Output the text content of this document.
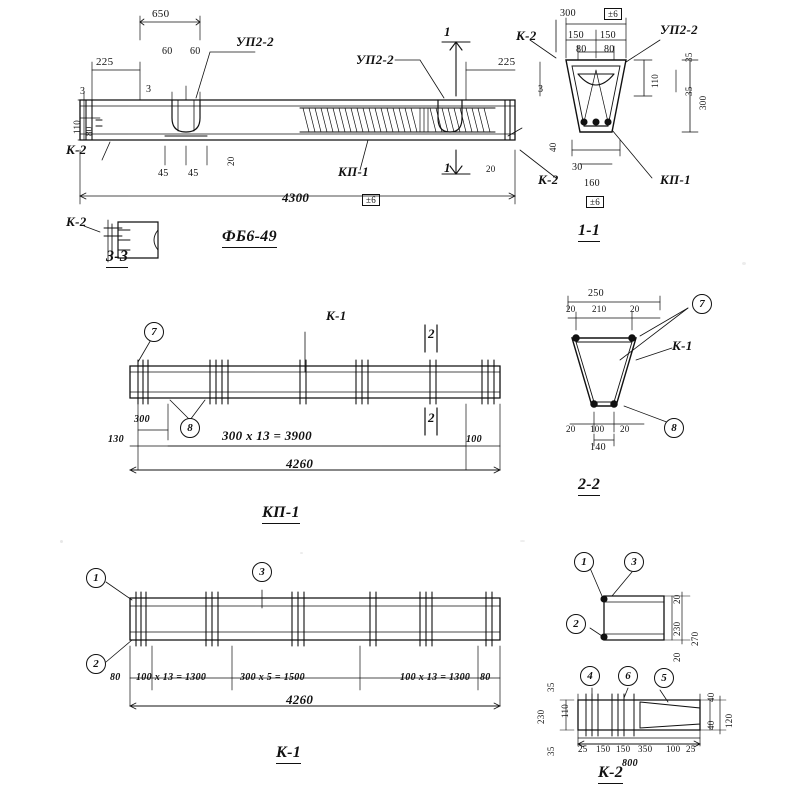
650
225
60 60
3	3	3
110 80
20
20
45 45
225
4300	±6
К-2
К-2
УП2-2
УП2-2
УП2-2
КП-1
КП-1
1
1
К-2
ФБ6-49
К-2
3-3
300	±6
150 150
80 80
110
300
35
35
40
30
160
±6
1-1
7
8
К-1
2
2
300
130	100
300 x 13 = 3900
4260
КП-1
250
20 210	20
20 100 20
140
7
8
К-1
2-2
1
2
3
80	80
100 x 13 = 1300	300 x 5 = 1500	100 x 13 = 1300
4260
К-1
1	3
2
20
230
20
270
4	6	5
35
230 110
35 25 150 150 350 100 25
800
40
40 120
К-2
